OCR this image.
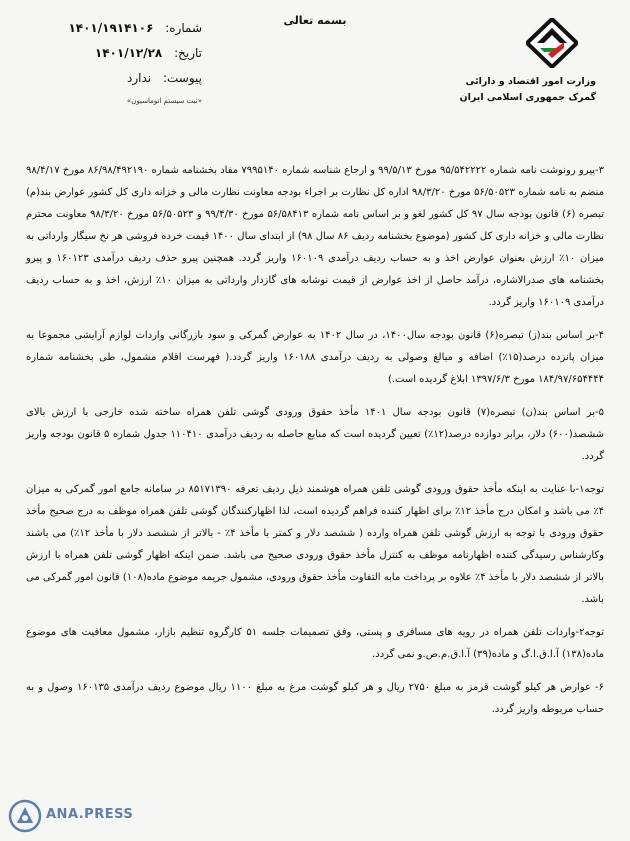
بسمه تعالی
شماره: ۱۴۰۱/۱۹۱۴۱۰۶
تاریخ: ۱۴۰۱/۱۲/۲۸
پیوست: ندارد
«ثبت سیستم اتوماسیون»
وزارت امور اقتصاد و دارائی
گمرک جمهوری اسلامی ایران

۳-پیرو رونوشت نامه شماره ۹۵/۵۴۲۲۲۲ مورخ ۹۹/۵/۱۳ و ارجاع شناسه شماره ۷۹۹۵۱۴۰ مفاد بخشنامه شماره ۸۶/۹۸/۴۹۲۱۹۰ مورخ ۹۸/۴/۱۷ منضم به نامه شماره ۵۶/۵۰۵۲۳ مورخ ۹۸/۳/۲۰ اداره کل نظارت بر اجراء بودجه معاونت نظارت مالی و خزانه داری کل کشور عوارض بند(م) تبصره (۶) قانون بودجه سال ۹۷ کل کشور لغو و بر اساس نامه شماره ۵۶/۵۸۴۱۳ مورخ ۹۹/۴/۳۰ و ۵۶/۵۰۵۲۳ مورخ ۹۸/۳/۲۰ معاونت محترم نظارت مالی و خزانه داری کل کشور (موضوع بخشنامه ردیف ۸۶ سال ۹۸) از ابتدای سال ۱۴۰۰ قیمت خرده فروشی هر نخ سیگار وارداتی به میزان ۱۰٪ ارزش بعنوان عوارض اخذ و به حساب ردیف درآمدی ۱۶۰۱۰۹ واریز گردد. همچنین پیرو حذف ردیف درآمدی ۱۶۰۱۲۳ و پیرو بخشنامه های صدرالاشاره، درآمد حاصل از اخذ عوارض از قیمت نوشابه های گازدار وارداتی به میزان ۱۰٪ ارزش، اخذ و به حساب ردیف درآمدی ۱۶۰۱۰۹ واریز گردد.

۴-بر اساس بند(ز) تبصره(۶) قانون بودجه سال۱۴۰۰، در سال ۱۴۰۲ به عوارض گمرکی و سود بازرگانی واردات لوازم آرایشی مجموعا به میزان پانزده درصد(۱۵٪) اضافه و مبالغ وصولی به ردیف درآمدی ۱۶۰۱۸۸ واریز گردد.( فهرست اقلام مشمول، طی بخشنامه شماره ۱۸۴/۹۷/۶۵۴۴۴۴ مورخ ۱۳۹۷/۶/۳ ابلاغ گردیده است.)

۵-بر اساس بند(ن) تبصره(۷) قانون بودجه سال ۱۴۰۱ مأخذ حقوق ورودی گوشی تلفن همراه ساخته شده خارجی با ارزش بالای ششصد(۶۰۰) دلار، برابر دوازده درصد(۱۲٪) تعیین گردیده است که منابع حاصله به ردیف درآمدی ۱۱۰۴۱۰ جدول شماره ۵ قانون بودجه واریز گردد.

توجه۱-با عنایت به اینکه مأخذ حقوق ورودی گوشی تلفن همراه هوشمند ذیل ردیف تعرفه ۸۵۱۷۱۳۹۰ در سامانه جامع امور گمرکی به میزان ۴٪ می باشد و امکان درج مأخذ ۱۲٪ برای اظهار کننده فراهم گردیده است، لذا اظهارکنندگان گوشی تلفن همراه موظف به درج صحیح مأخذ حقوق ورودی با توجه به ارزش گوشی تلفن همراه وارده ( ششصد دلار و کمتر با مأخذ ۴٪ - بالاتر از ششصد دلار با مأخذ ۱۲٪) می باشند وکارشناس رسیدگی کننده اظهارنامه موظف به کنترل مأخذ حقوق ورودی صحیح می باشد. ضمن اینکه اظهار گوشی تلفن همراه با ارزش بالاتر از ششصد دلار با مأخذ ۴٪ علاوه بر پرداخت مابه التفاوت مأخذ حقوق ورودی، مشمول جریمه موضوع ماده(۱۰۸) قانون امور گمرکی می باشد.

توجه۲-واردات تلفن همراه در رویه های مسافری و پستی، وفق تصمیمات جلسه ۵۱ کارگروه تنظیم بازار، مشمول معافیت های موضوع ماده(۱۳۸) آ.ا.ق.ا.گ و ماده(۳۹) آ.ا.ق.م.ص.و نمی گردد.

۶- عوارض هر کیلو گوشت قرمز به مبلغ ۲۷۵۰ ریال و هر کیلو گوشت مرغ به مبلغ ۱۱۰۰ ریال موضوع ردیف درآمدی ۱۶۰۱۳۵ وصول و به حساب مربوطه واریز گردد.

ANA.PRESS
